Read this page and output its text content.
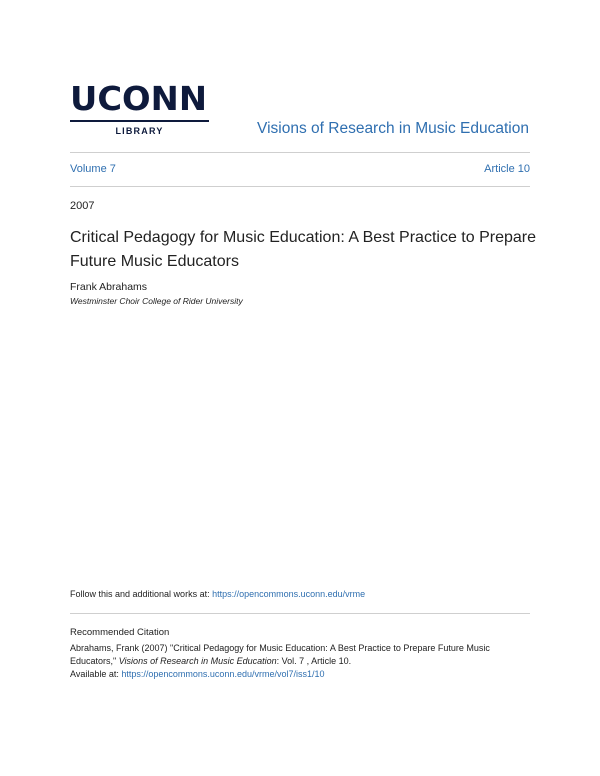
UCONN
LIBRARY	Visions of Research in Music Education
Volume 7	Article 10
2007
Critical Pedagogy for Music Education: A Best Practice to Prepare Future Music Educators
Frank Abrahams
Westminster Choir College of Rider University
Follow this and additional works at: https://opencommons.uconn.edu/vrme
Recommended Citation
Abrahams, Frank (2007) "Critical Pedagogy for Music Education: A Best Practice to Prepare Future Music Educators," Visions of Research in Music Education: Vol. 7 , Article 10.
Available at: https://opencommons.uconn.edu/vrme/vol7/iss1/10
